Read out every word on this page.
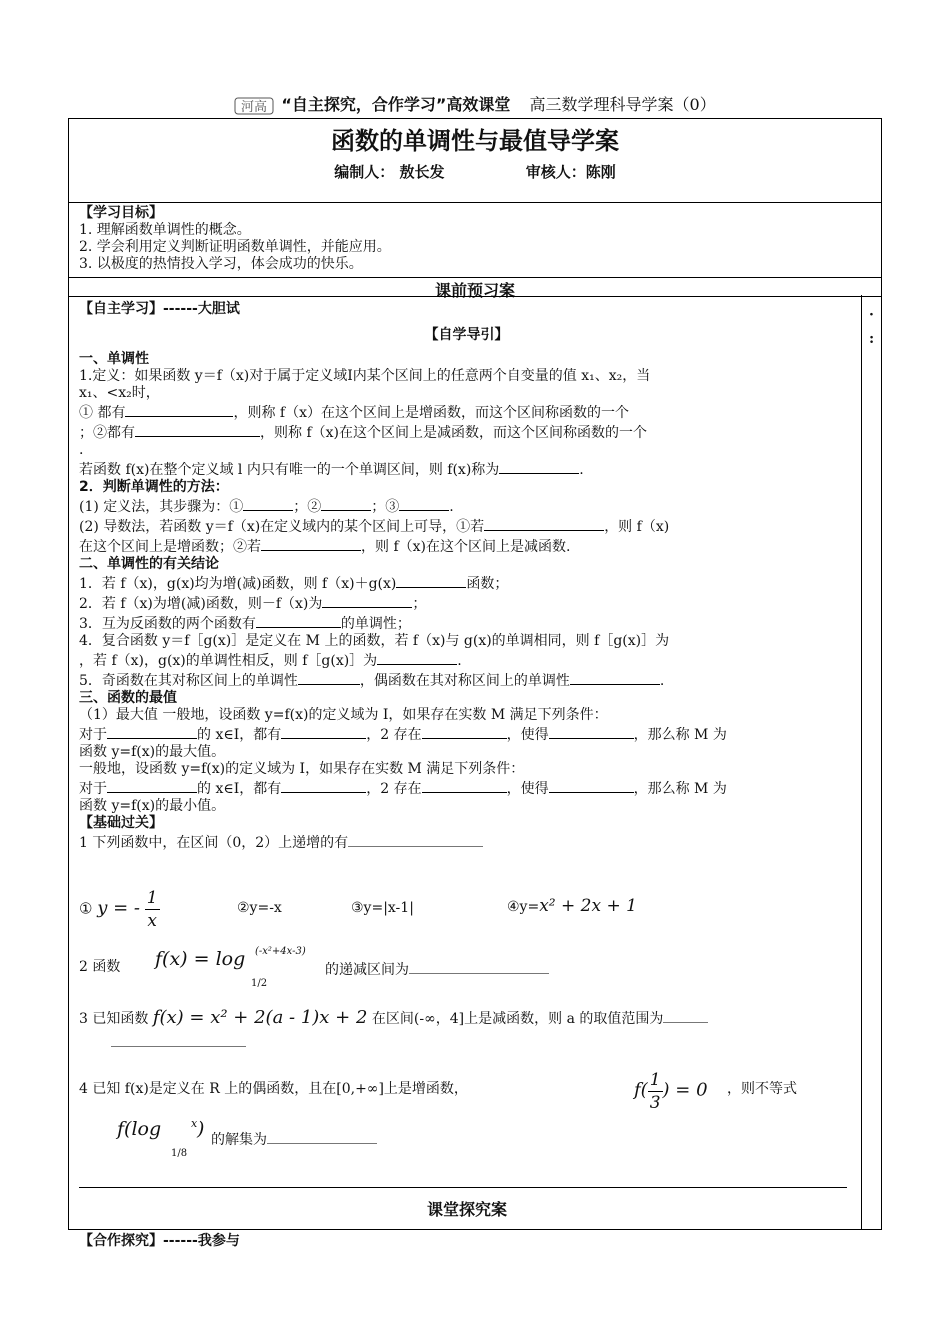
河高 “自主探究，合作学习”高效课堂 高三数学理科导学案（0）
函数的单调性与最值导学案
编制人： 敖长发	审核人：陈刚

【学习目标】

1. 理解函数单调性的概念。

2. 学会利用定义判断证明函数单调性，并能应用。

3. 以极度的热情投入学习，体会成功的快乐。

课前预习案
·
:

【自主学习】------大胆试

【自学导引】

一、单调性

1.定义：如果函数 y＝f（x)对于属于定义域Ⅰ内某个区间上的任意两个自变量的值 x₁、x₂，当

x₁、<x₂时，

① 都有	，则称 f（x）在这个区间上是增函数，而这个区间称函数的一个

；②都有	，则称 f（x)在这个区间上是减函数，而这个区间称函数的一个

.

若函数 f(x)在整个定义域 l 内只有唯一的一个单调区间，则 f(x)称为	.

2．判断单调性的方法：

(1) 定义法，其步骤为：①	；②	；③	.

(2) 导数法，若函数 y＝f（x)在定义域内的某个区间上可导，①若	，则 f（x)

在这个区间上是增函数；②若	，则 f（x)在这个区间上是减函数.

二、单调性的有关结论

1．若 f（x)，g(x)均为增(减)函数，则 f（x)＋g(x)	函数；

2．若 f（x)为增(减)函数，则－f（x)为	；

3．互为反函数的两个函数有	的单调性；

4．复合函数 y＝f［g(x)］是定义在 M 上的函数，若 f（x)与 g(x)的单调相同，则 f［g(x)］为

，若 f（x)，g(x)的单调性相反，则 f［g(x)］为	.

5．奇函数在其对称区间上的单调性	，偶函数在其对称区间上的单调性	.

三、函数的最值

（1）最大值 一般地，设函数 y=f(x)的定义域为 I，如果存在实数 M 满足下列条件：

对于	的 x∈I，都有	，2 存在	，使得	，那么称 M 为

函数 y=f(x)的最大值。

一般地，设函数 y=f(x)的定义域为 I，如果存在实数 M 满足下列条件：

对于	的 x∈I，都有	，2 存在	，使得	，那么称 M 为

函数 y=f(x)的最小值。

【基础过关】

1 下列函数中，在区间（0，2）上递增的有

① y = - $\frac{1}{x}$	②y=-x	③y=|x-1|	④y=x² + 2x + 1
2 函数 f(x) = log (-x²+4x-3)
1/2
的递减区间为

3 已知函数 f(x) = x² + 2(a - 1)x + 2 在区间(-∞，4]上是减函数，则 a 的取值范围为

4 已知 f(x)是定义在 R 上的偶函数，且在[0,+∞]上是增函数，	$f( \frac{1}{3}$ ) = 0 ，则不等式
f(log
1/8
x ) 的解集为
课堂探究案
【合作探究】------我参与
